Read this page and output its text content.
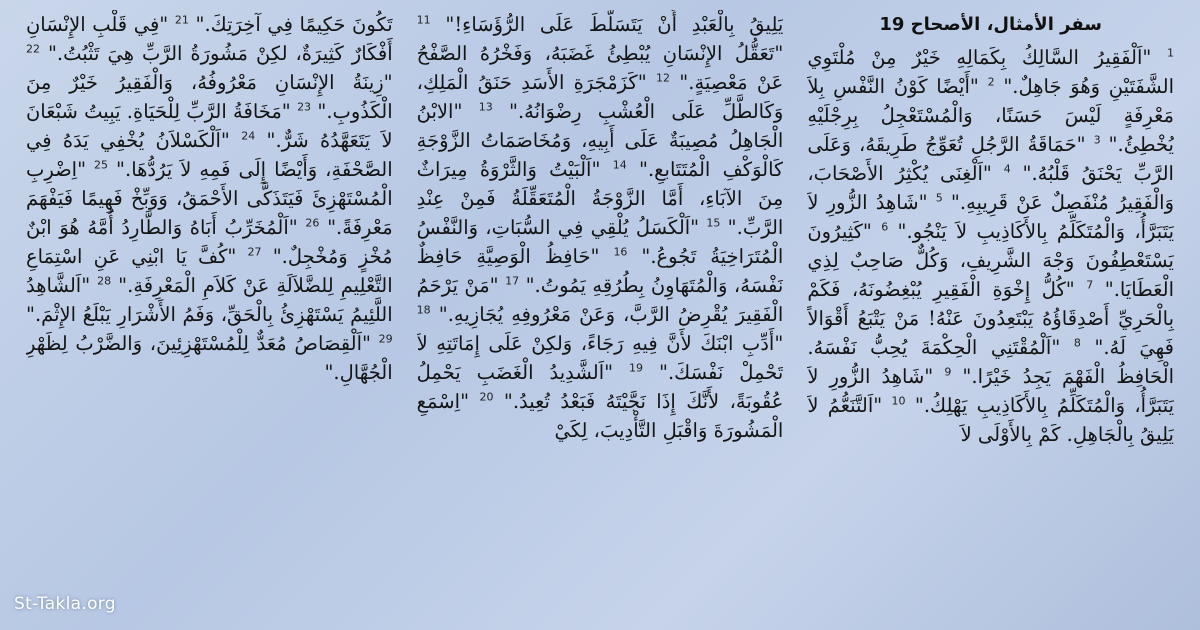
سفر الأمثال، الأصحاح 19
$^1$ "اَلْفَقِيرُ السَّالِكُ بِكَمَالِهِ خَيْرٌ مِنْ مُلْتَوِي الشَّفَتَيْنِ وَهُوَ جَاهِلٌ." $^2$ "أَيْضًا كَوْنُ النَّفْسِ بِلاَ مَعْرِفَةٍ لَيْسَ حَسَنًا، وَالْمُسْتَعْجِلُ بِرِجْلَيْهِ يُخْطِئُ." $^3$ "حَمَاقَةُ الرَّجُلِ تُعَوِّجُ طَرِيقَهُ، وَعَلَى الرَّبِّ يَحْنَقُ قَلْبُهُ." $^4$ "اَلْغِنَى يُكْثِرُ الأَصْحَابَ، وَالْفَقِيرُ مُنْفَصِلٌ عَنْ قَرِيبِهِ." $^5$ "شَاهِدُ الزُّورِ لاَ يَتَبَرَّأُ، وَالْمُتَكَلِّمُ بِالأَكَاذِيبِ لاَ يَنْجُو." $^6$ "كَثِيرُونَ يَسْتَعْطِفُونَ وَجْهَ الشَّرِيفِ، وَكُلٌّ صَاحِبٌ لِذِي الْعَطَايَا." $^7$ "كُلُّ إِخْوَةِ الْفَقِيرِ يُبْغِضُونَهُ، فَكَمْ بِالْحَرِيِّ أَصْدِقَاؤُهُ يَبْتَعِدُونَ عَنْهُ! مَنْ يَتْبَعُ أَقْوَالاً فَهِيَ لَهُ." $^8$ "اَلْمُقْتَنِي الْحِكْمَةَ يُحِبُّ نَفْسَهُ. الْحَافِظُ الْفَهْمَ يَجِدُ خَيْرًا." $^9$ "شَاهِدُ الزُّورِ لاَ يَتَبَرَّأُ، وَالْمُتَكَلِّمُ بِالأَكَاذِيبِ يَهْلِكُ." $^{10}$ "اَلتَّنَعُّمُ لاَ يَلِيقُ بِالْجَاهِلِ. كَمْ بِالأَوْلَى لاَ
يَلِيقُ بِالْعَبْدِ أَنْ يَتَسَلَّطَ عَلَى الرُّؤَسَاءِ!" $^{11}$ "تَعَقُّلُ الإِنْسَانِ يُبْطِئُ غَضَبَهُ، وَفَخْرُهُ الصَّفْحُ عَنْ مَعْصِيَةٍ." $^{12}$ "كَزَمْجَرَةِ الأَسَدِ حَنَقُ الْمَلِكِ، وَكَالطَّلِّ عَلَى الْعُشْبِ رِضْوَانُهُ." $^{13}$ "الابْنُ الْجَاهِلُ مُصِيبَةٌ عَلَى أَبِيهِ، وَمُخَاصَمَاتُ الزَّوْجَةِ كَالْوَكْفِ الْمُتَتَابعِ." $^{14}$ "اَلْبَيْتُ وَالثَّرْوَةُ مِيرَاثٌ مِنَ الآبَاءِ، أَمَّا الزَّوْجَةُ الْمُتَعَقِّلَةُ فَمِنْ عِنْدِ الرَّبِّ." $^{15}$ "اَلْكَسَلُ يُلْقِي فِي السُّبَاتِ، وَالنَّفْسُ الْمُتَرَاخِيَةُ تَجُوعُ." $^{16}$ "حَافِظُ الْوَصِيَّةِ حَافِظٌ نَفْسَهُ، وَالْمُتَهَاوِنُ بِطُرُقِهِ يَمُوتُ." $^{17}$ "مَنْ يَرْحَمُ الْفَقِيرَ يُقْرِضُ الرَّبَّ، وَعَنْ مَعْرُوفِهِ يُجَازِيهِ." $^{18}$ "أَدِّبِ ابْنَكَ لأَنَّ فِيهِ رَجَاءً، وَلكِنْ عَلَى إِمَاتَتِهِ لاَ تَحْمِلْ نَفْسَكَ." $^{19}$ "اَلشَّدِيدُ الْغَضَبِ يَحْمِلُ عُقُوبَةً، لأَنَّكَ إِذَا نَجَّيْتَهُ فَبَعْدُ تُعِيدُ." $^{20}$ "اِسْمَعِ الْمَشُورَةَ وَاقْبَلِ التَّأْدِيبَ، لِكَيْ
تَكُونَ حَكِيمًا فِي آخِرَتِكَ." $^{21}$ "فِي قَلْبِ الإِنْسَانِ أَفْكَارٌ كَثِيرَةٌ، لكِنْ مَشُورَةُ الرَّبِّ هِيَ تَثْبُتُ." $^{22}$ "زِينَةُ الإِنْسَانِ مَعْرُوفُهُ، وَالْفَقِيرُ خَيْرٌ مِنَ الْكَذُوبِ." $^{23}$ "مَخَافَةُ الرَّبِّ لِلْحَيَاةِ. يَبِيتُ شَبْعَانَ لاَ يَتَعَهَّدُهُ شَرٌّ." $^{24}$ "اَلْكَسْلاَنُ يُخْفِي يَدَهُ فِي الصَّحْفَةِ، وَأَيْضًا إِلَى فَمِهِ لاَ يَرُدُّهَا." $^{25}$ "اِضْرِبِ الْمُسْتَهْزِئَ فَيَتَذَكَّى الأَحْمَقُ، وَوَبِّخْ فَهِيمًا فَيَفْهَمَ مَعْرِفَةً." $^{26}$ "اَلْمُخَرِّبُ أَبَاهُ وَالطَّارِدُ أُمَّهُ هُوَ ابْنٌ مُخْزٍ وَمُخْجِلٌ." $^{27}$ "كُفَّ يَا ابْنِي عَنِ اسْتِمَاعِ التَّعْلِيمِ لِلضَّلاَلَةِ عَنْ كَلاَمِ الْمَعْرِفَةِ." $^{28}$ "اَلشَّاهِدُ اللَّئِيمُ يَسْتَهْزِئُ بِالْحَقِّ، وَفَمُ الأَشْرَارِ يَبْلَعُ الإِثْمَ." $^{29}$ "اَلْقِصَاصُ مُعَدٌّ لِلْمُسْتَهْزِئِينَ، وَالضَّرْبُ لِظَهْرِ الْجُهَّالِ."
St-Takla.org
